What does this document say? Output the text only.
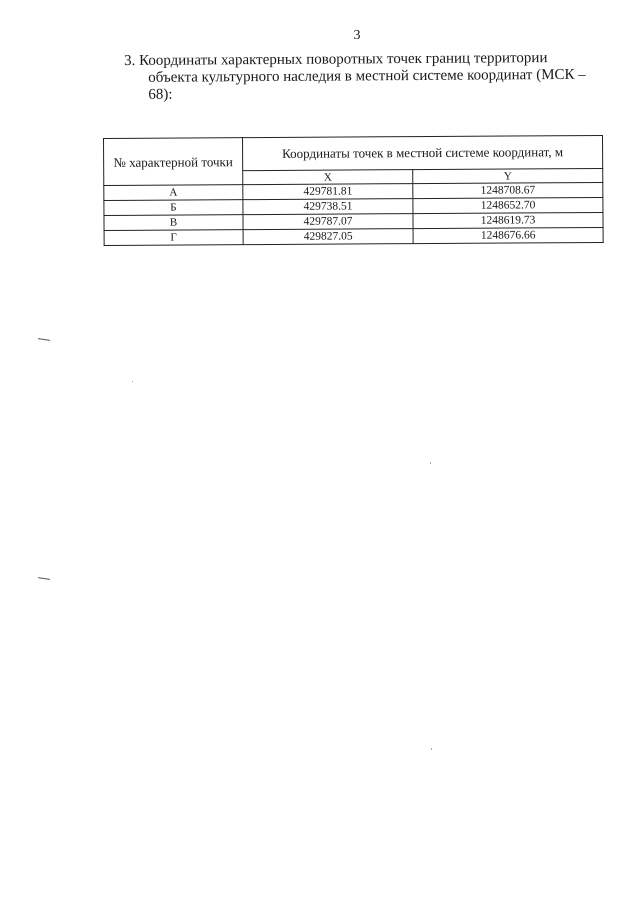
3
3. Координаты характерных поворотных точек границ территории
объекта культурного наследия в местной системе координат (МСК – 68):
№ характерной точки	Координаты точек в местной системе координат, м	
	X	Y
А	429781.81	1248708.67
Б	429738.51	1248652.70
В	429787.07	1248619.73
Г	429827.05	1248676.66
